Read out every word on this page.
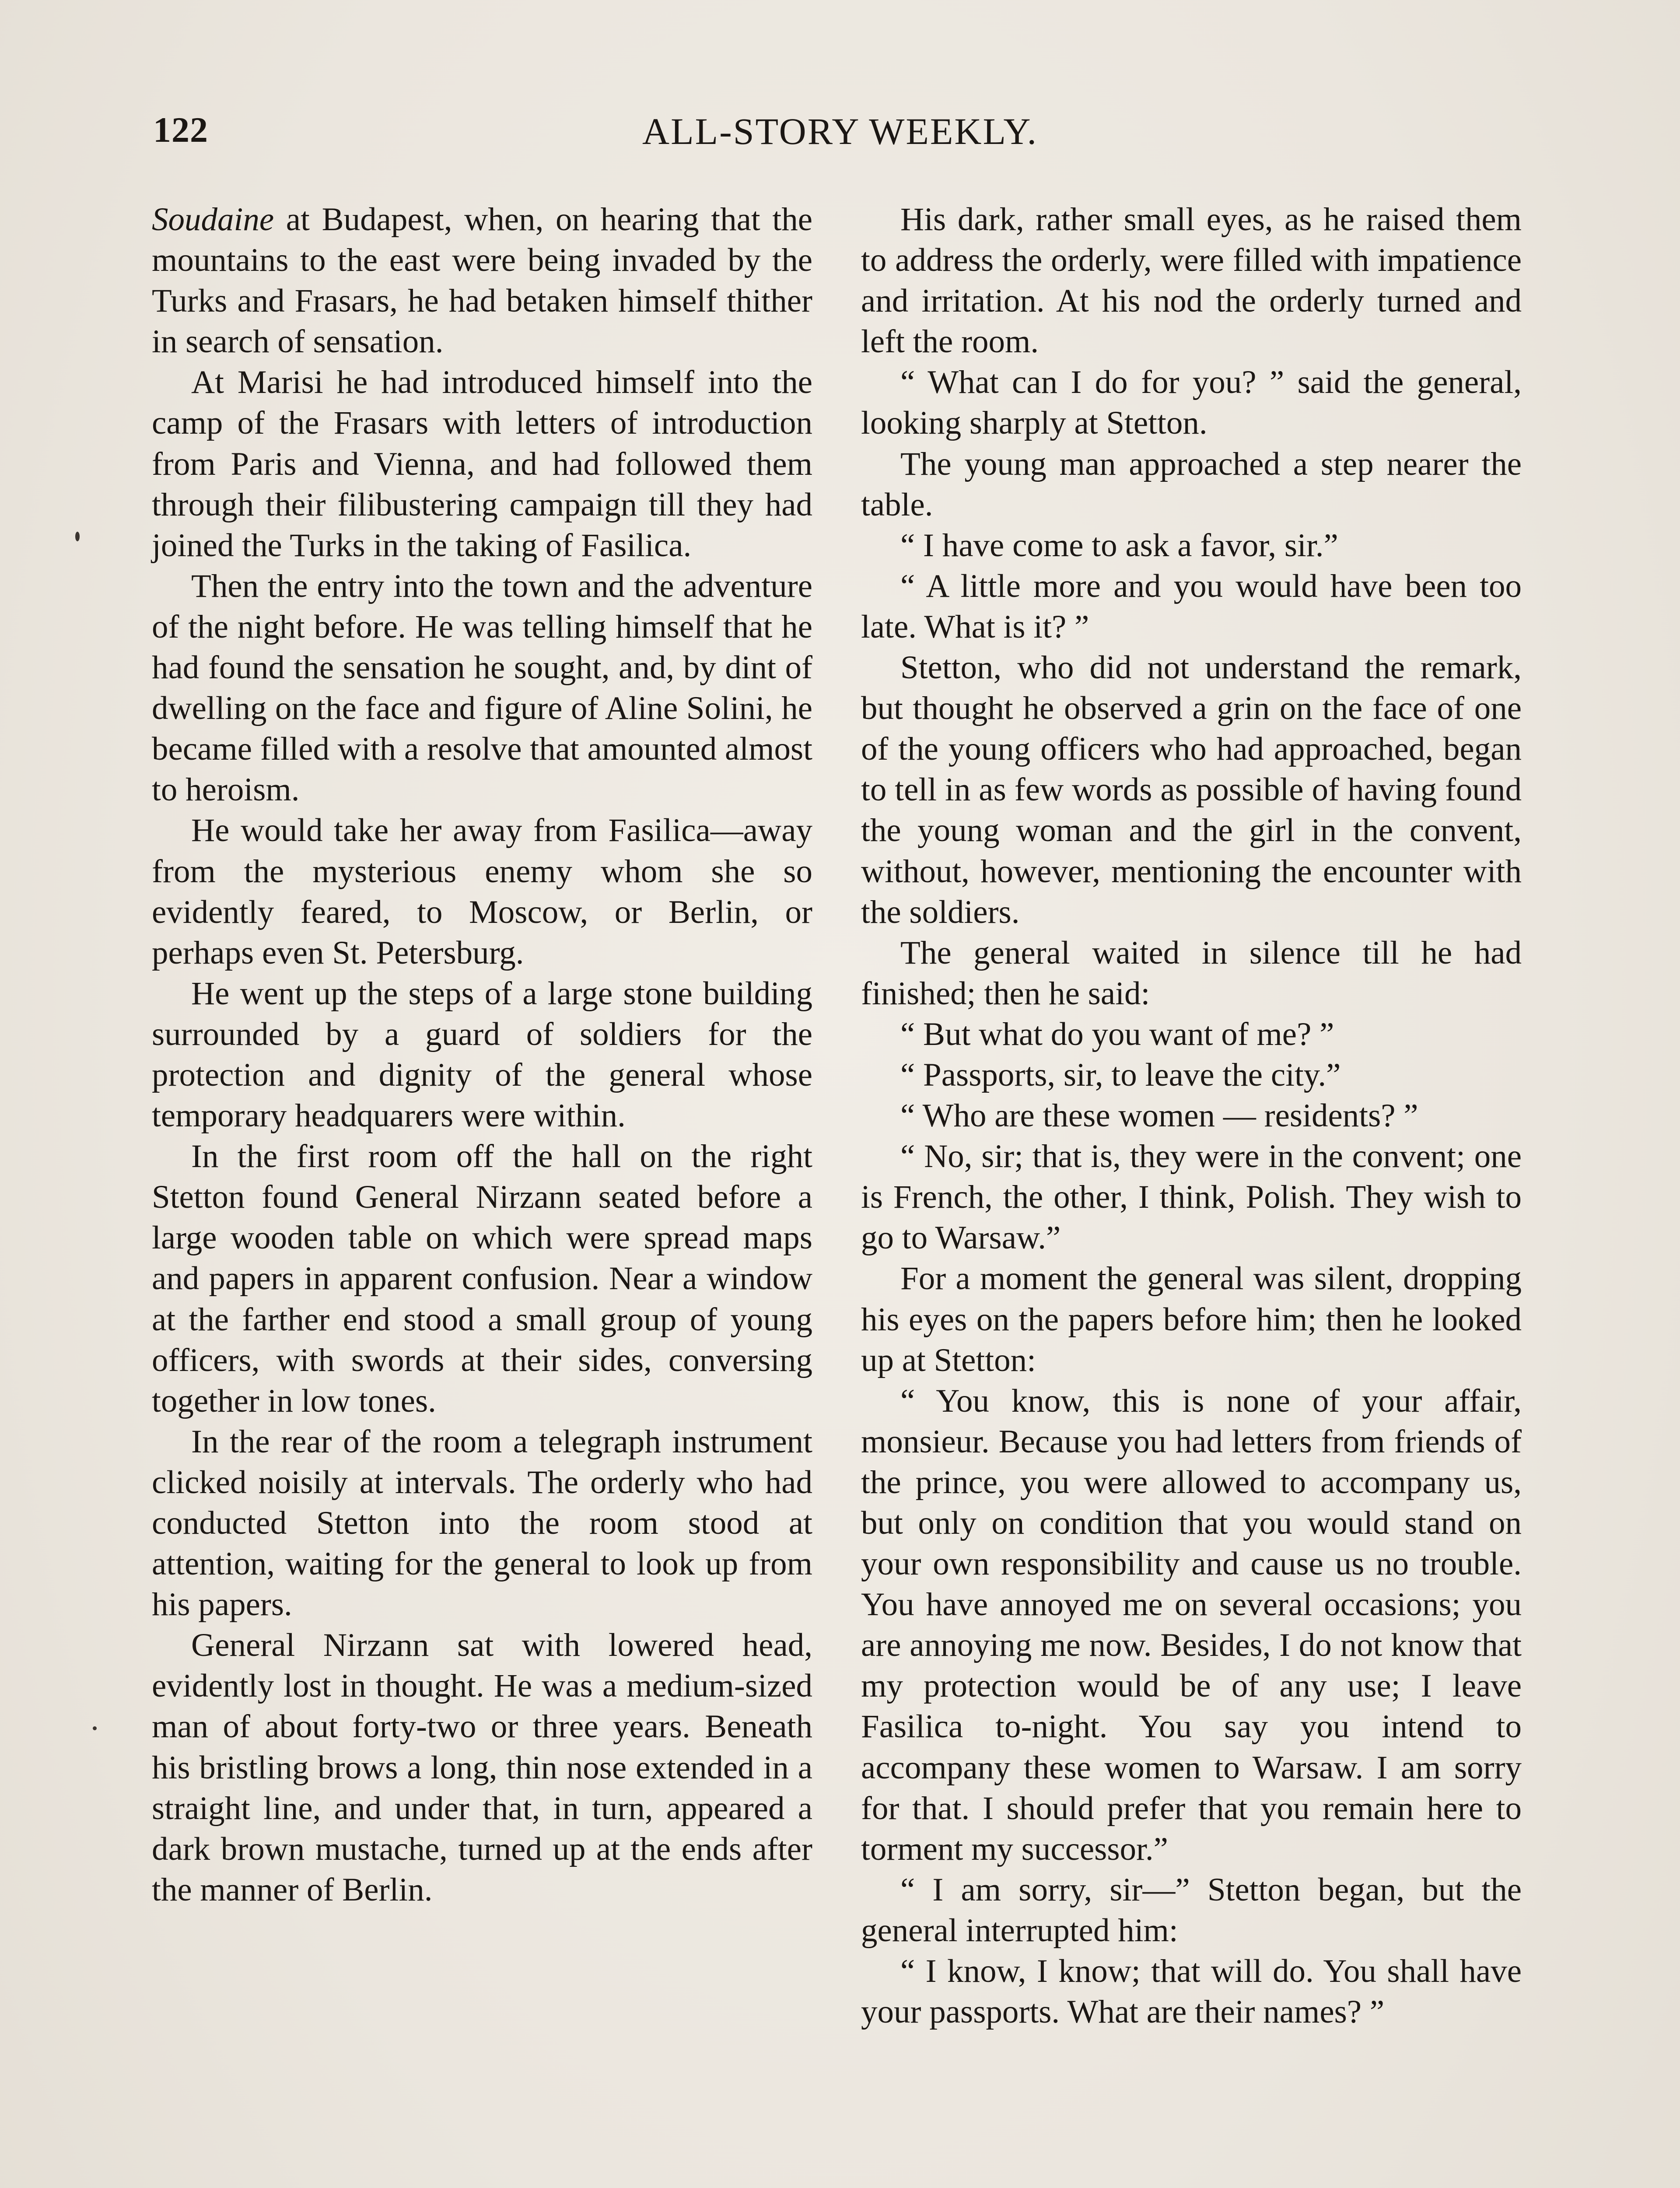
122	ALL-STORY WEEKLY.

Soudaine at Budapest, when, on hearing that the mountains to the east were being invaded by the Turks and Frasars, he had betaken himself thither in search of sensation.

At Marisi he had introduced himself into the camp of the Frasars with letters of introduction from Paris and Vienna, and had followed them through their filibustering campaign till they had joined the Turks in the taking of Fasilica.

Then the entry into the town and the adventure of the night before. He was telling himself that he had found the sensation he sought, and, by dint of dwelling on the face and figure of Aline Solini, he became filled with a resolve that amounted almost to heroism.

He would take her away from Fasilica—away from the mysterious enemy whom she so evidently feared, to Moscow, or Berlin, or perhaps even St. Petersburg.

He went up the steps of a large stone building surrounded by a guard of soldiers for the protection and dignity of the general whose temporary headquarers were within.

In the first room off the hall on the right Stetton found General Nirzann seated before a large wooden table on which were spread maps and papers in apparent confusion. Near a window at the farther end stood a small group of young officers, with swords at their sides, conversing together in low tones.

In the rear of the room a telegraph instrument clicked noisily at intervals. The orderly who had conducted Stetton into the room stood at attention, waiting for the general to look up from his papers.

General Nirzann sat with lowered head, evidently lost in thought. He was a medium-sized man of about forty-two or three years. Beneath his bristling brows a long, thin nose extended in a straight line, and under that, in turn, appeared a dark brown mustache, turned up at the ends after the manner of Berlin.

His dark, rather small eyes, as he raised them to address the orderly, were filled with impatience and irritation. At his nod the orderly turned and left the room.

“ What can I do for you? ” said the general, looking sharply at Stetton.

The young man approached a step nearer the table.

“ I have come to ask a favor, sir.”

“ A little more and you would have been too late. What is it? ”

Stetton, who did not understand the remark, but thought he observed a grin on the face of one of the young officers who had approached, began to tell in as few words as possible of having found the young woman and the girl in the convent, without, however, mentioning the encounter with the soldiers.

The general waited in silence till he had finished; then he said:

“ But what do you want of me? ”

“ Passports, sir, to leave the city.”

“ Who are these women — residents? ”

“ No, sir; that is, they were in the convent; one is French, the other, I think, Polish. They wish to go to Warsaw.”

For a moment the general was silent, dropping his eyes on the papers before him; then he looked up at Stetton:

“ You know, this is none of your affair, monsieur. Because you had letters from friends of the prince, you were allowed to accompany us, but only on condition that you would stand on your own responsibility and cause us no trouble. You have annoyed me on several occasions; you are annoying me now. Besides, I do not know that my protection would be of any use; I leave Fasilica to-night. You say you intend to accompany these women to Warsaw. I am sorry for that. I should prefer that you remain here to torment my successor.”

“ I am sorry, sir—” Stetton began, but the general interrupted him:

“ I know, I know; that will do. You shall have your passports. What are their names? ”
